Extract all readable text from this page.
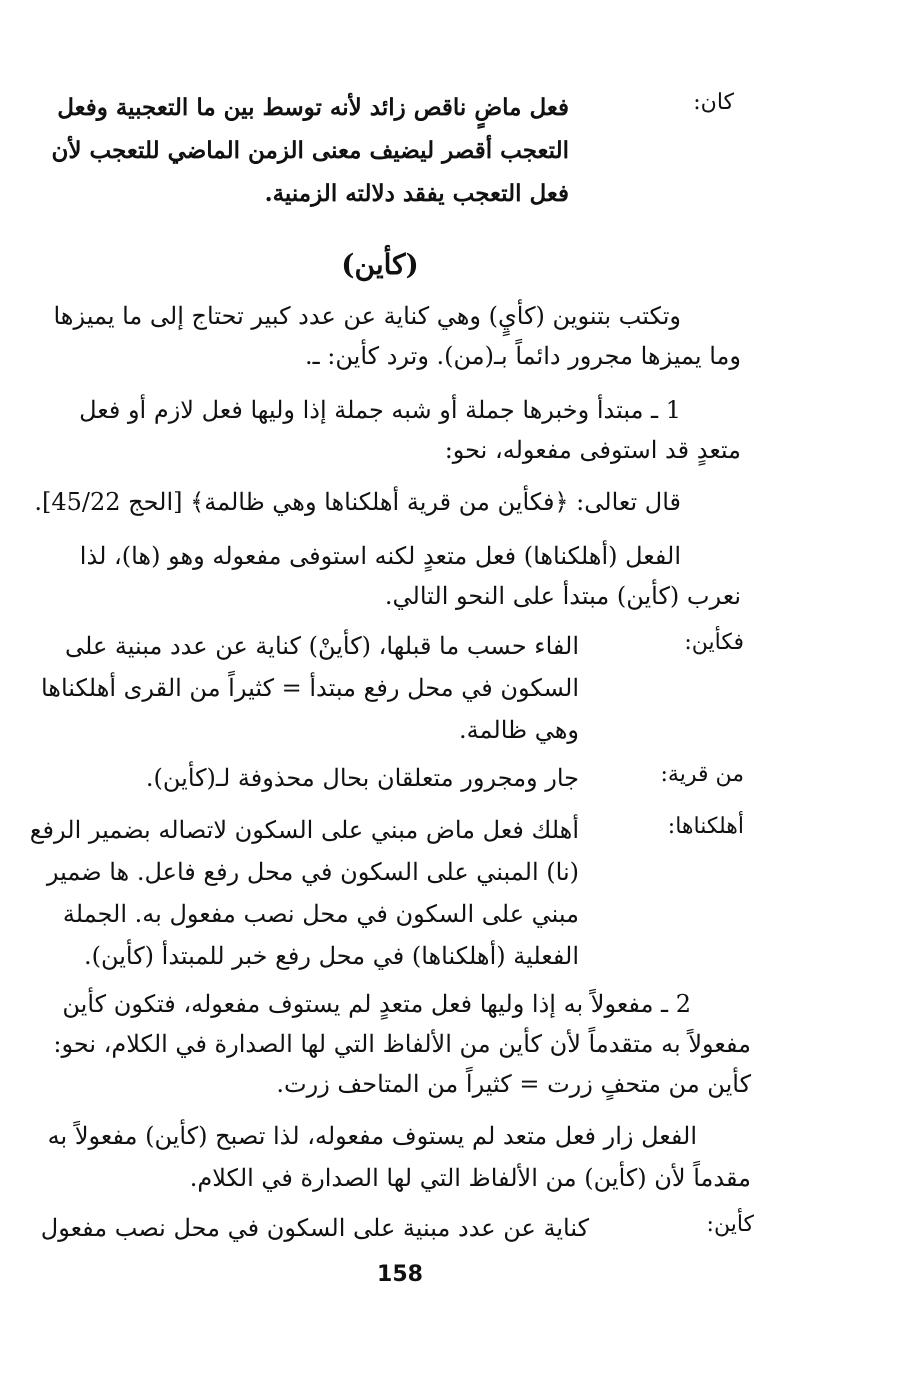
كان:
فعل ماضٍ ناقص زائد لأنه توسط بين ما التعجبية وفعل
التعجب أقصر ليضيف معنى الزمن الماضي للتعجب لأن
فعل التعجب يفقد دلالته الزمنية.
(كأين)
وتكتب بتنوين (كأيٍ) وهي كناية عن عدد كبير تحتاج إلى ما يميزها
وما يميزها مجرور دائماً بـ(من). وترد كأين: ـ.
1 ـ مبتدأ وخبرها جملة أو شبه جملة إذا وليها فعل لازم أو فعل
متعدٍ قد استوفى مفعوله، نحو:
قال تعالى: ﴿فكأين من قرية أهلكناها وهي ظالمة﴾ [الحج 45/22].
الفعل (أهلكناها) فعل متعدٍ لكنه استوفى مفعوله وهو (ها)، لذا
نعرب (كأين) مبتدأ على النحو التالي.
فكأين:
الفاء حسب ما قبلها، (كأينْ) كناية عن عدد مبنية على
السكون في محل رفع مبتدأ = كثيراً من القرى أهلكناها
وهي ظالمة.
من قرية:
جار ومجرور متعلقان بحال محذوفة لـ(كأين).
أهلكناها:
أهلك فعل ماض مبني على السكون لاتصاله بضمير الرفع
(نا) المبني على السكون في محل رفع فاعل. ها ضمير
مبني على السكون في محل نصب مفعول به. الجملة
الفعلية (أهلكناها) في محل رفع خبر للمبتدأ (كأين).
2 ـ مفعولاً به إذا وليها فعل متعدٍ لم يستوف مفعوله، فتكون كأين
مفعولاً به متقدماً لأن كأين من الألفاظ التي لها الصدارة في الكلام، نحو:
كأين من متحفٍ زرت = كثيراً من المتاحف زرت.
الفعل زار فعل متعد لم يستوف مفعوله، لذا تصبح (كأين) مفعولاً به
مقدماً لأن (كأين) من الألفاظ التي لها الصدارة في الكلام.
كأين:
كناية عن عدد مبنية على السكون في محل نصب مفعول
158
